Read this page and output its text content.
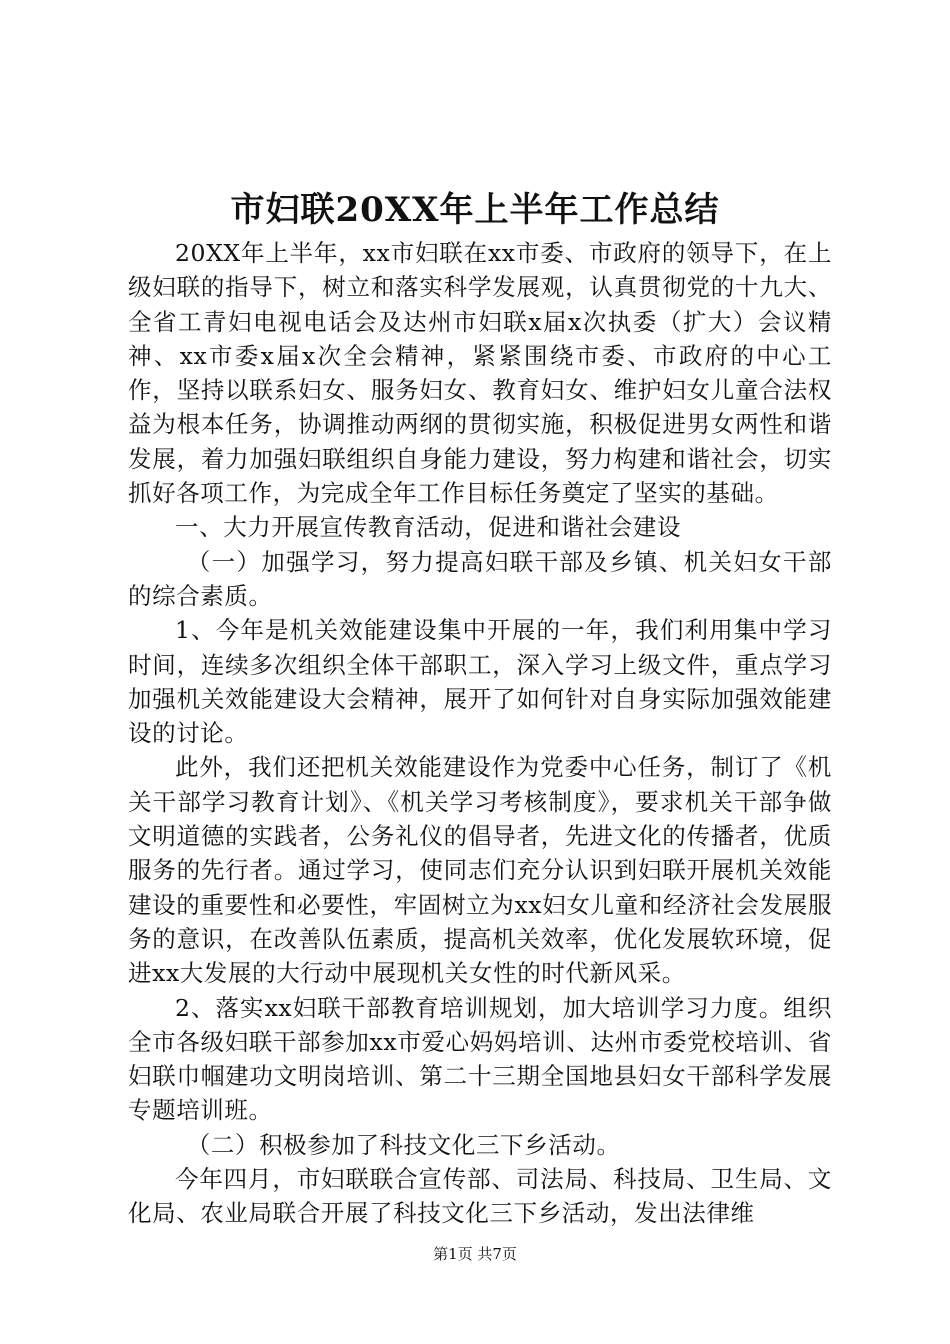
市妇联20XX年上半年工作总结

20XX年上半年，xx市妇联在xx市委、市政府的领导下，在上级妇联的指导下，树立和落实科学发展观，认真贯彻党的十九大、全省工青妇电视电话会及达州市妇联x届x次执委（扩大）会议精神、xx市委x届x次全会精神，紧紧围绕市委、市政府的中心工作，坚持以联系妇女、服务妇女、教育妇女、维护妇女儿童合法权益为根本任务，协调推动两纲的贯彻实施，积极促进男女两性和谐发展，着力加强妇联组织自身能力建设，努力构建和谐社会，切实抓好各项工作，为完成全年工作目标任务奠定了坚实的基础。

一、大力开展宣传教育活动，促进和谐社会建设

（一）加强学习，努力提高妇联干部及乡镇、机关妇女干部的综合素质。

1、今年是机关效能建设集中开展的一年，我们利用集中学习时间，连续多次组织全体干部职工，深入学习上级文件，重点学习加强机关效能建设大会精神，展开了如何针对自身实际加强效能建设的讨论。

此外，我们还把机关效能建设作为党委中心任务，制订了《机关干部学习教育计划》、《机关学习考核制度》，要求机关干部争做文明道德的实践者，公务礼仪的倡导者，先进文化的传播者，优质服务的先行者。通过学习，使同志们充分认识到妇联开展机关效能建设的重要性和必要性，牢固树立为xx妇女儿童和经济社会发展服务的意识，在改善队伍素质，提高机关效率，优化发展软环境，促进xx大发展的大行动中展现机关女性的时代新风采。

2、落实xx妇联干部教育培训规划，加大培训学习力度。组织全市各级妇联干部参加xx市爱心妈妈培训、达州市委党校培训、省妇联巾帼建功文明岗培训、第二十三期全国地县妇女干部科学发展专题培训班。

（二）积极参加了科技文化三下乡活动。

今年四月，市妇联联合宣传部、司法局、科技局、卫生局、文化局、农业局联合开展了科技文化三下乡活动，发出法律维

第1页 共7页
